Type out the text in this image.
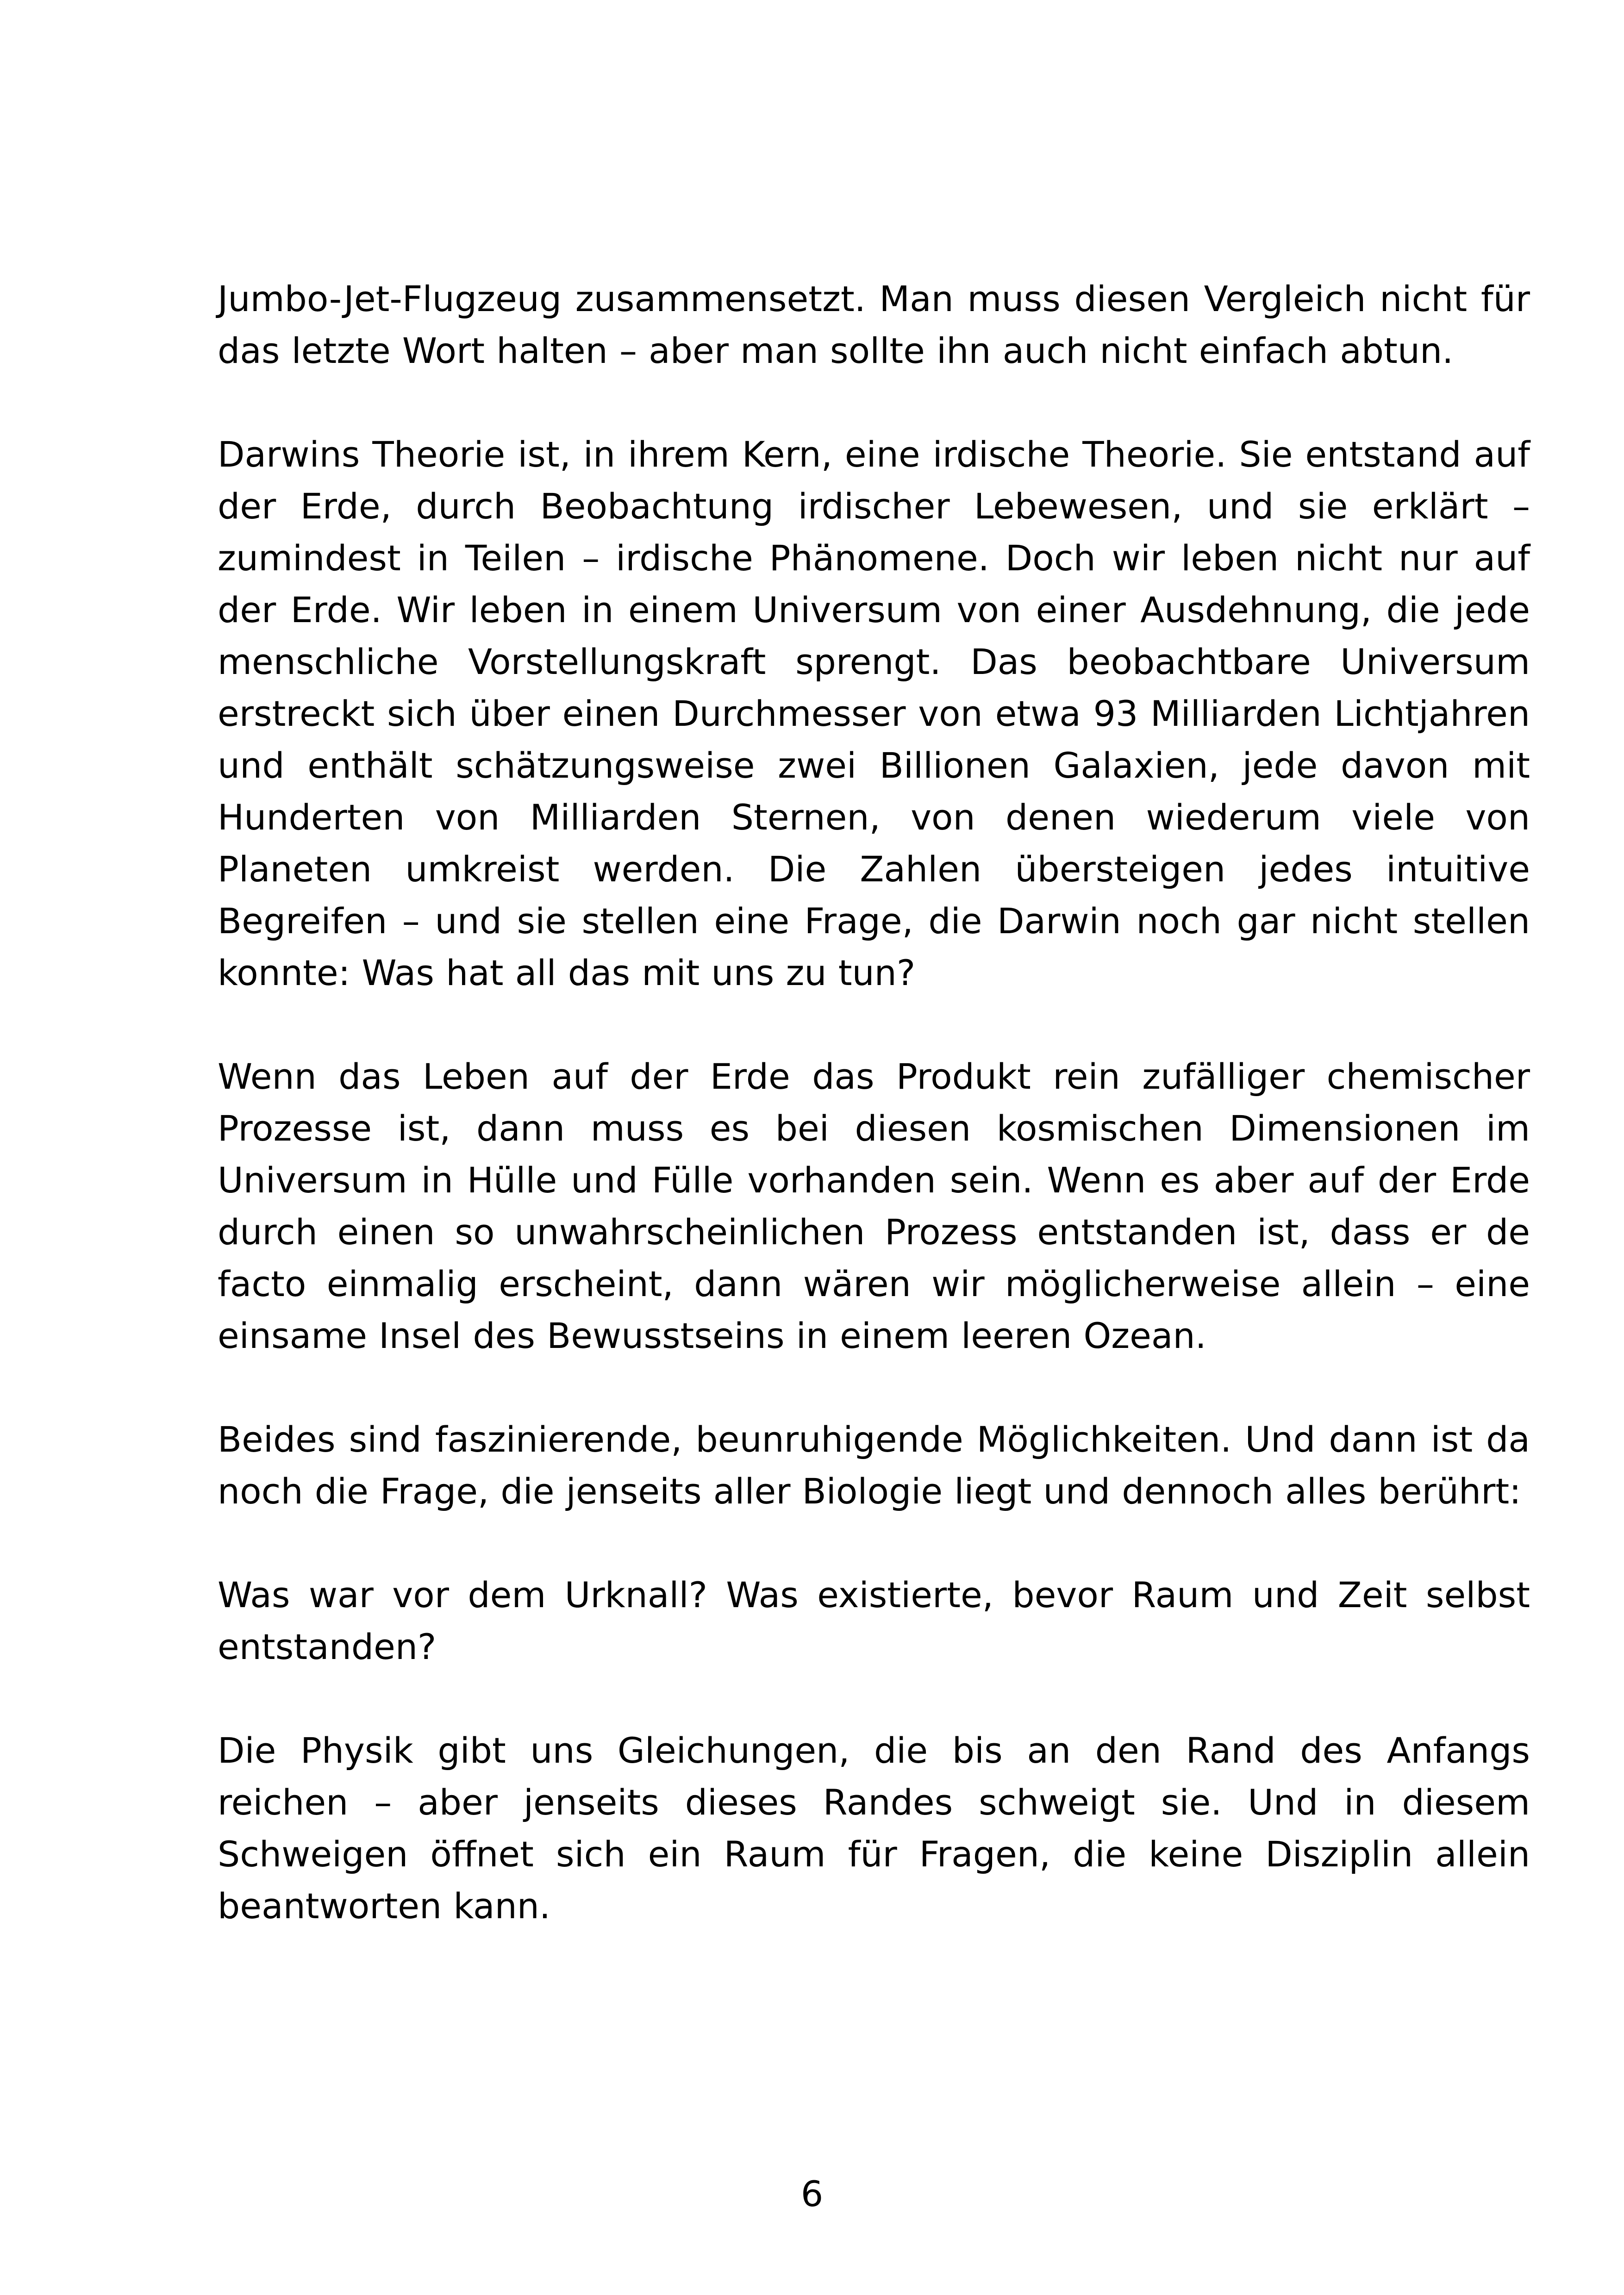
Jumbo-Jet-Flugzeug zusammensetzt. Man muss diesen Vergleich nicht für das letzte Wort halten – aber man sollte ihn auch nicht einfach abtun.

Darwins Theorie ist, in ihrem Kern, eine irdische Theorie. Sie entstand auf der Erde, durch Beobachtung irdischer Lebewesen, und sie erklärt – zumindest in Teilen – irdische Phänomene. Doch wir leben nicht nur auf der Erde. Wir leben in einem Universum von einer Ausdehnung, die jede menschliche Vorstellungskraft sprengt. Das beobachtbare Universum erstreckt sich über einen Durchmesser von etwa 93 Milliarden Lichtjahren und enthält schätzungsweise zwei Billionen Galaxien, jede davon mit Hunderten von Milliarden Sternen, von denen wiederum viele von Planeten umkreist werden. Die Zahlen übersteigen jedes intuitive Begreifen – und sie stellen eine Frage, die Darwin noch gar nicht stellen konnte: Was hat all das mit uns zu tun?

Wenn das Leben auf der Erde das Produkt rein zufälliger chemischer Prozesse ist, dann muss es bei diesen kosmischen Dimensionen im Universum in Hülle und Fülle vorhanden sein. Wenn es aber auf der Erde durch einen so unwahrscheinlichen Prozess entstanden ist, dass er de facto einmalig erscheint, dann wären wir möglicherweise allein – eine einsame Insel des Bewusstseins in einem leeren Ozean.

Beides sind faszinierende, beunruhigende Möglichkeiten. Und dann ist da noch die Frage, die jenseits aller Biologie liegt und dennoch alles berührt:

Was war vor dem Urknall? Was existierte, bevor Raum und Zeit selbst entstanden?

Die Physik gibt uns Gleichungen, die bis an den Rand des Anfangs reichen – aber jenseits dieses Randes schweigt sie. Und in diesem Schweigen öffnet sich ein Raum für Fragen, die keine Disziplin allein beantworten kann.

6
